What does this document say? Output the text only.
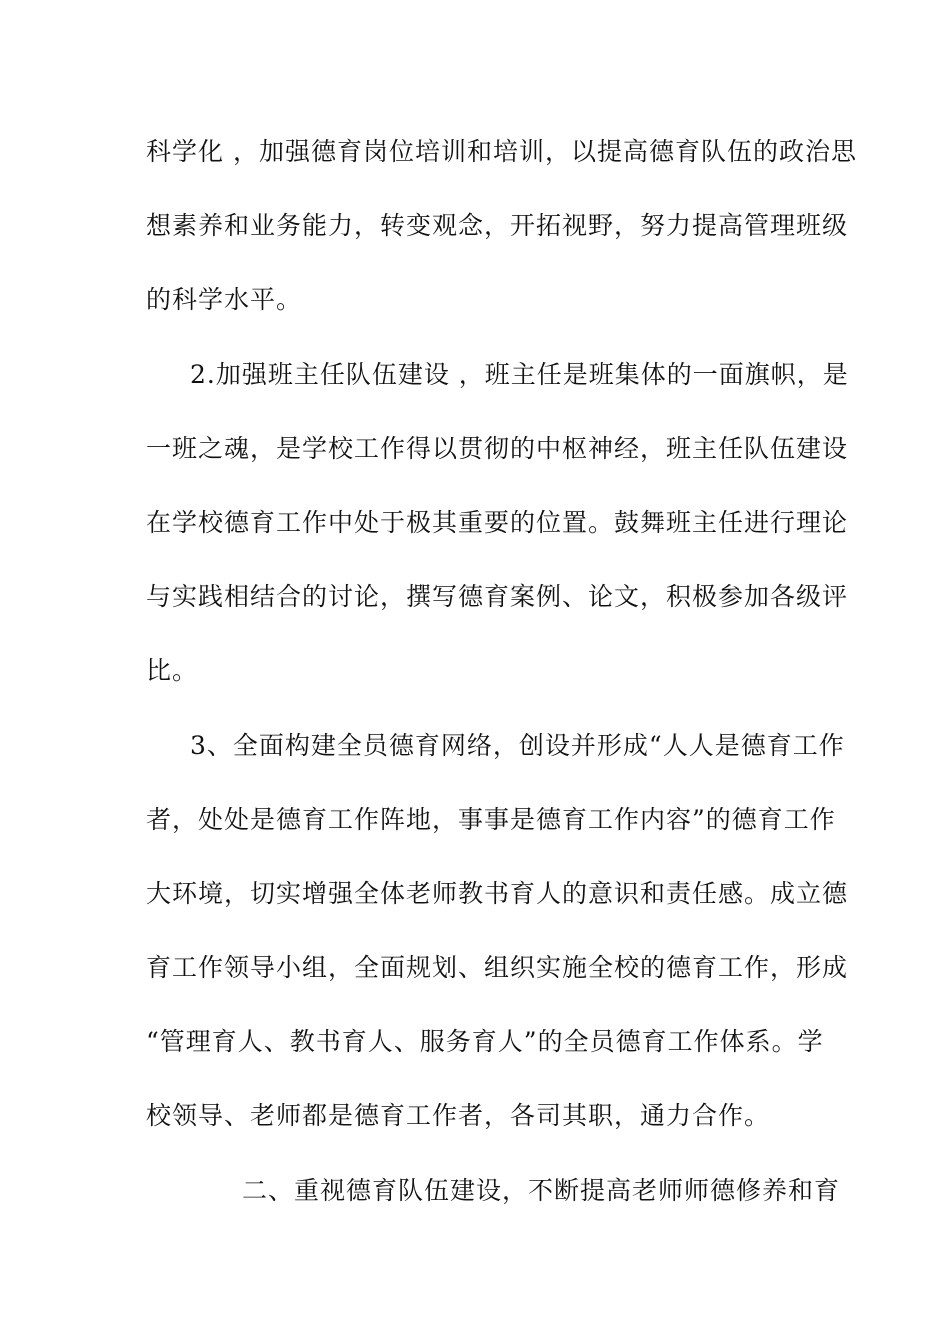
科学化 ，加强德育岗位培训和培训，以提高德育队伍的政治思
想素养和业务能力，转变观念，开拓视野，努力提高管理班级
的科学水平。
2.加强班主任队伍建设 ，班主任是班集体的一面旗帜，是
一班之魂，是学校工作得以贯彻的中枢神经，班主任队伍建设
在学校德育工作中处于极其重要的位置。鼓舞班主任进行理论
与实践相结合的讨论，撰写德育案例、论文，积极参加各级评
比。
3、全面构建全员德育网络，创设并形成“人人是德育工作
者，处处是德育工作阵地，事事是德育工作内容”的德育工作
大环境，切实增强全体老师教书育人的意识和责任感。成立德
育工作领导小组，全面规划、组织实施全校的德育工作，形成
“管理育人、教书育人、服务育人”的全员德育工作体系。学
校领导、老师都是德育工作者，各司其职，通力合作。
二、重视德育队伍建设，不断提高老师师德修养和育
